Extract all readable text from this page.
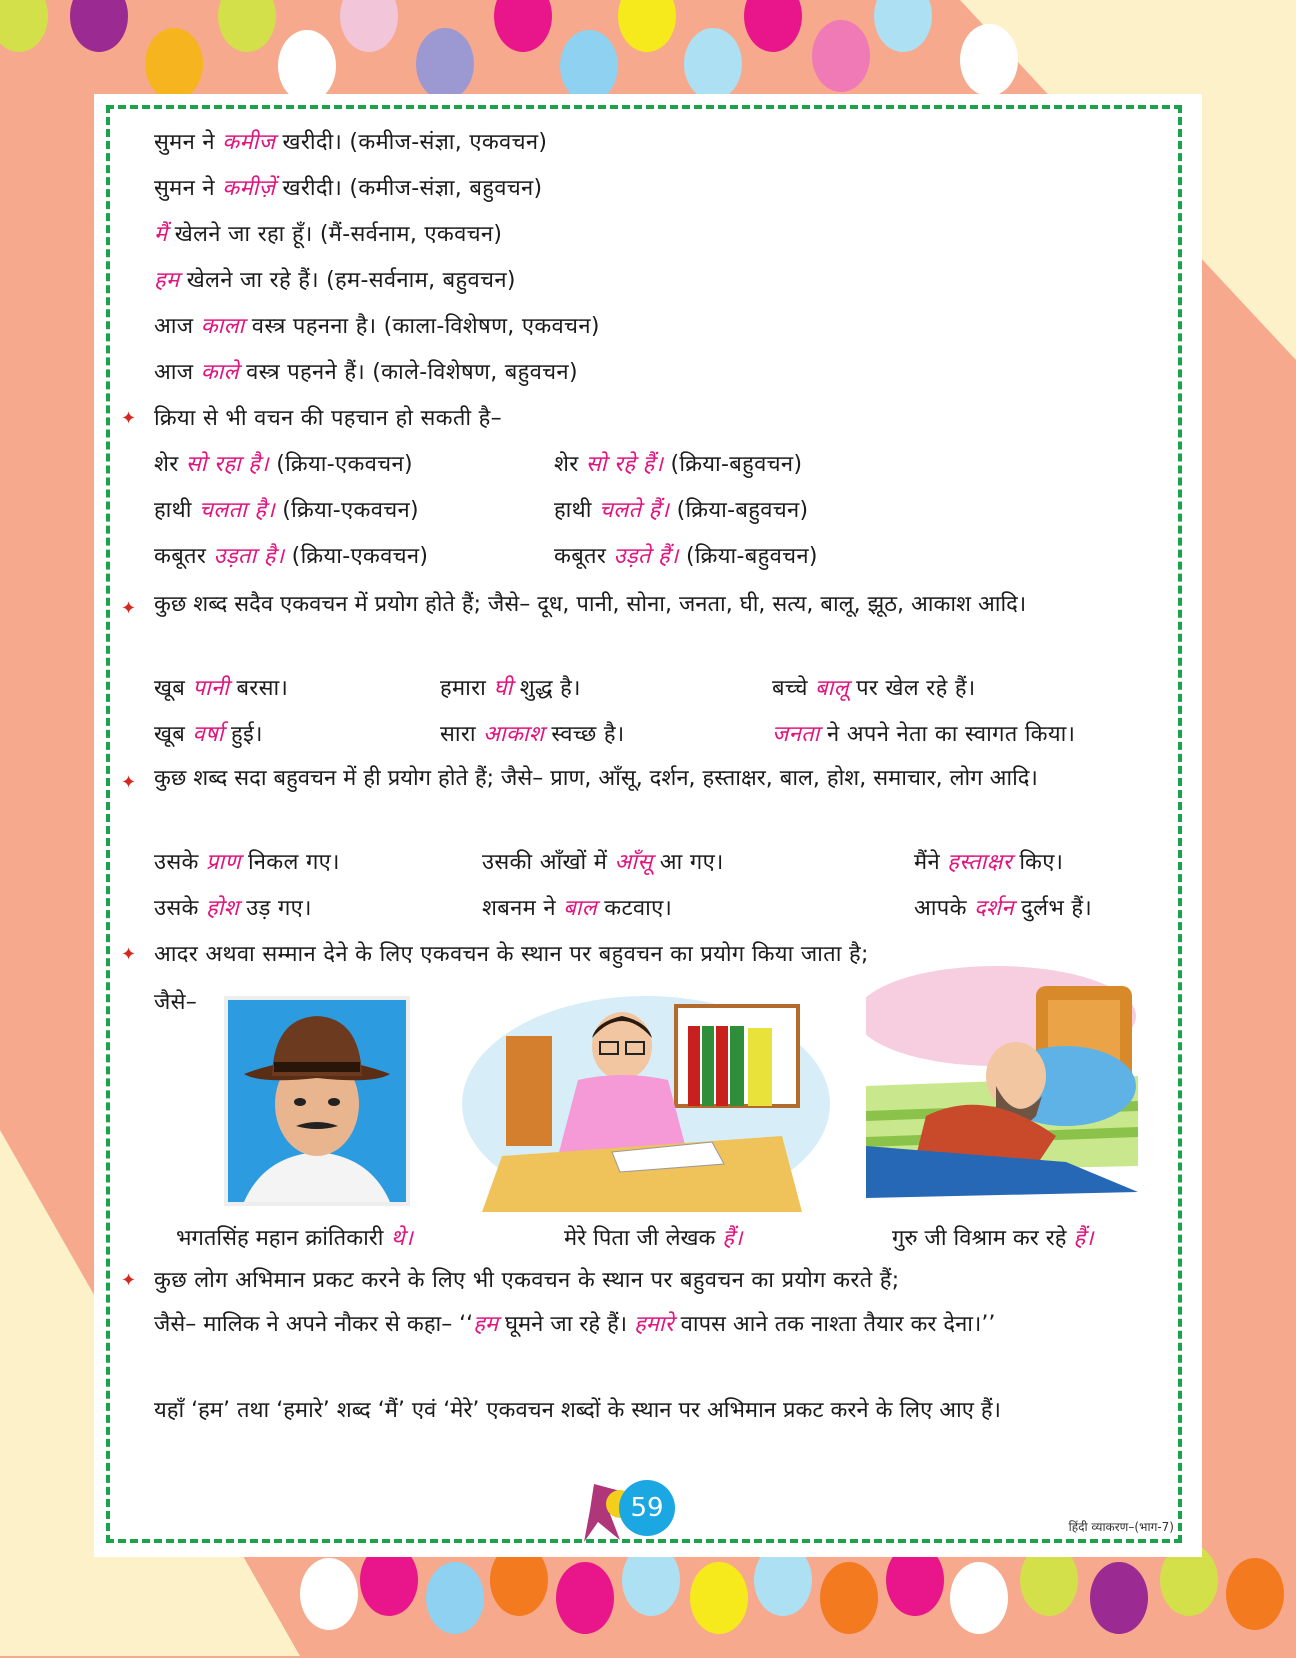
सुमन ने कमीज खरीदी। (कमीज-संज्ञा, एकवचन)
सुमन ने कमीज़ें खरीदी। (कमीज-संज्ञा, बहुवचन)
मैं खेलने जा रहा हूँ। (मैं-सर्वनाम, एकवचन)
हम खेलने जा रहे हैं। (हम-सर्वनाम, बहुवचन)
आज काला वस्त्र पहनना है। (काला-विशेषण, एकवचन)
आज काले वस्त्र पहनने हैं। (काले-विशेषण, बहुवचन)
✦ क्रिया से भी वचन की पहचान हो सकती है–
शेर सो रहा है। (क्रिया-एकवचन)	शेर सो रहे हैं। (क्रिया-बहुवचन)
हाथी चलता है। (क्रिया-एकवचन)	हाथी चलते हैं। (क्रिया-बहुवचन)
कबूतर उड़ता है। (क्रिया-एकवचन)	कबूतर उड़ते हैं। (क्रिया-बहुवचन)
✦ कुछ शब्द सदैव एकवचन में प्रयोग होते हैं; जैसे– दूध, पानी, सोना, जनता, घी, सत्य, बालू, झूठ, आकाश आदि।
खूब पानी बरसा।	हमारा घी शुद्ध है।	बच्चे बालू पर खेल रहे हैं।
खूब वर्षा हुई।	सारा आकाश स्वच्छ है।	जनता ने अपने नेता का स्वागत किया।
✦ कुछ शब्द सदा बहुवचन में ही प्रयोग होते हैं; जैसे– प्राण, आँसू, दर्शन, हस्ताक्षर, बाल, होश, समाचार, लोग आदि।
उसके प्राण निकल गए।	उसकी आँखों में आँसू आ गए।	मैंने हस्ताक्षर किए।
उसके होश उड़ गए।	शबनम ने बाल कटवाए।	आपके दर्शन दुर्लभ हैं।
✦ आदर अथवा सम्मान देने के लिए एकवचन के स्थान पर बहुवचन का प्रयोग किया जाता है;
जैसे–
भगतसिंह महान क्रांतिकारी थे।	मेरे पिता जी लेखक हैं।	गुरु जी विश्राम कर रहे हैं।
✦ कुछ लोग अभिमान प्रकट करने के लिए भी एकवचन के स्थान पर बहुवचन का प्रयोग करते हैं;
जैसे– मालिक ने अपने नौकर से कहा– ‘‘हम घूमने जा रहे हैं। हमारे वापस आने तक नाश्ता तैयार कर देना।’’
यहाँ ‘हम’ तथा ‘हमारे’ शब्द ‘मैं’ एवं ‘मेरे’ एकवचन शब्दों के स्थान पर अभिमान प्रकट करने के लिए आए हैं।
59
हिंदी व्याकरण–(भाग-7)
